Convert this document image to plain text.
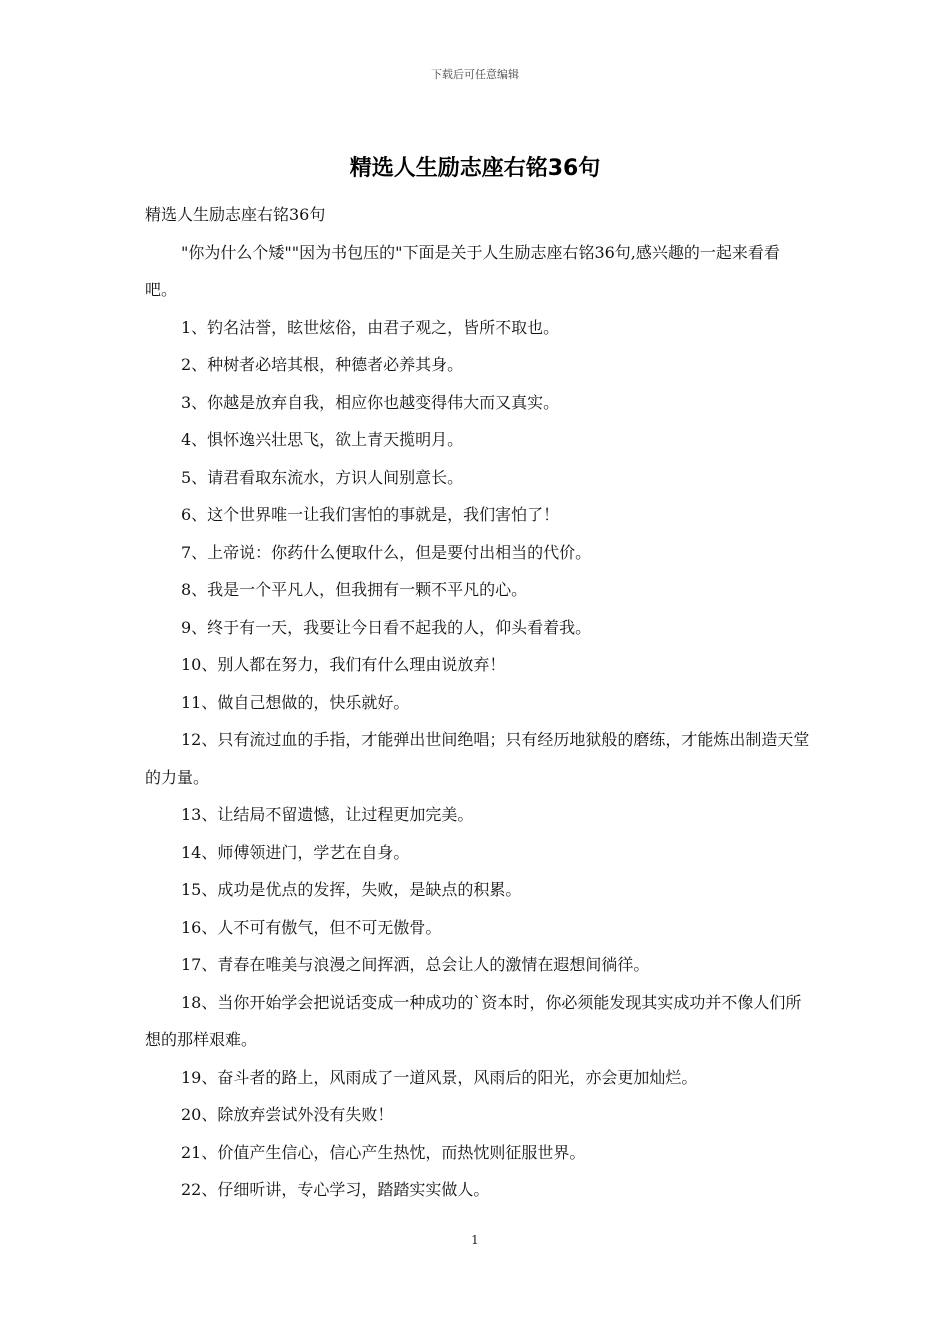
下载后可任意编辑
精选人生励志座右铭36句

精选人生励志座右铭36句

"你为什么个矮""因为书包压的"下面是关于人生励志座右铭36句,感兴趣的一起来看看吧。

1、钓名沽誉，眩世炫俗，由君子观之，皆所不取也。

2、种树者必培其根，种德者必养其身。

3、你越是放弃自我，相应你也越变得伟大而又真实。

4、惧怀逸兴壮思飞，欲上青天揽明月。

5、请君看取东流水，方识人间别意长。

6、这个世界唯一让我们害怕的事就是，我们害怕了！

7、上帝说：你药什么便取什么，但是要付出相当的代价。

8、我是一个平凡人，但我拥有一颗不平凡的心。

9、终于有一天，我要让今日看不起我的人，仰头看着我。

10、别人都在努力，我们有什么理由说放弃！

11、做自己想做的，快乐就好。

12、只有流过血的手指，才能弹出世间绝唱；只有经历地狱般的磨练，才能炼出制造天堂的力量。

13、让结局不留遗憾，让过程更加完美。

14、师傅领进门，学艺在自身。

15、成功是优点的发挥，失败，是缺点的积累。

16、人不可有傲气，但不可无傲骨。

17、青春在唯美与浪漫之间挥洒，总会让人的激情在遐想间徜徉。

18、当你开始学会把说话变成一种成功的`资本时，你必须能发现其实成功并不像人们所想的那样艰难。

19、奋斗者的路上，风雨成了一道风景，风雨后的阳光，亦会更加灿烂。

20、除放弃尝试外没有失败！

21、价值产生信心，信心产生热忱，而热忱则征服世界。

22、仔细听讲，专心学习，踏踏实实做人。

1
